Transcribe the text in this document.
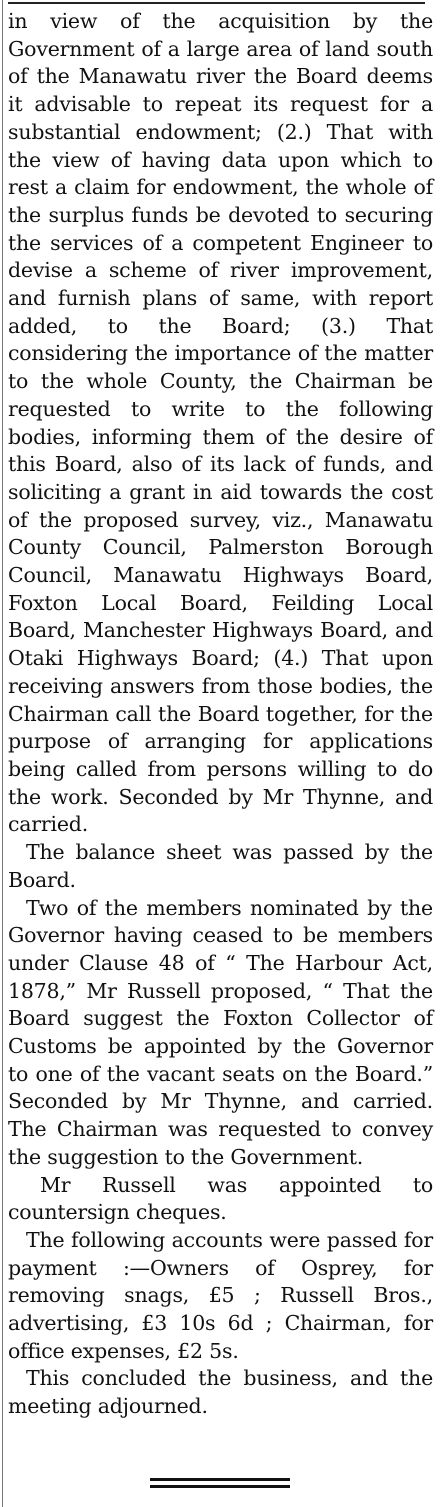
in view of the acquisition by the Government of a large area of land south of the Manawatu river the Board deems it advisable to repeat its request for a substantial endowment; (2.) That with the view of having data upon which to rest a claim for endowment, the whole of the surplus funds be devoted to securing the services of a competent Engineer to devise a scheme of river improvement, and furnish plans of same, with report added, to the Board; (3.) That considering the importance of the matter to the whole County, the Chairman be requested to write to the following bodies, informing them of the desire of this Board, also of its lack of funds, and soliciting a grant in aid towards the cost of the proposed survey, viz., Manawatu County Council, Palmerston Borough Council, Manawatu Highways Board, Foxton Local Board, Feilding Local Board, Manchester Highways Board, and Otaki Highways Board; (4.) That upon receiving answers from those bodies, the Chairman call the Board together, for the purpose of arranging for applications being called from persons willing to do the work. Seconded by Mr Thynne, and carried.

The balance sheet was passed by the Board.

Two of the members nominated by the Governor having ceased to be members under Clause 48 of “ The Harbour Act, 1878,” Mr Russell proposed, “ That the Board suggest the Foxton Collector of Customs be appointed by the Governor to one of the vacant seats on the Board.” Seconded by Mr Thynne, and carried. The Chairman was requested to convey the suggestion to the Government.

Mr Russell was appointed to countersign cheques.

The following accounts were passed for payment :—Owners of Osprey, for removing snags, £5 ; Russell Bros., advertising, £3 10s 6d ; Chairman, for office expenses, £2 5s.

This concluded the business, and the meeting adjourned.
